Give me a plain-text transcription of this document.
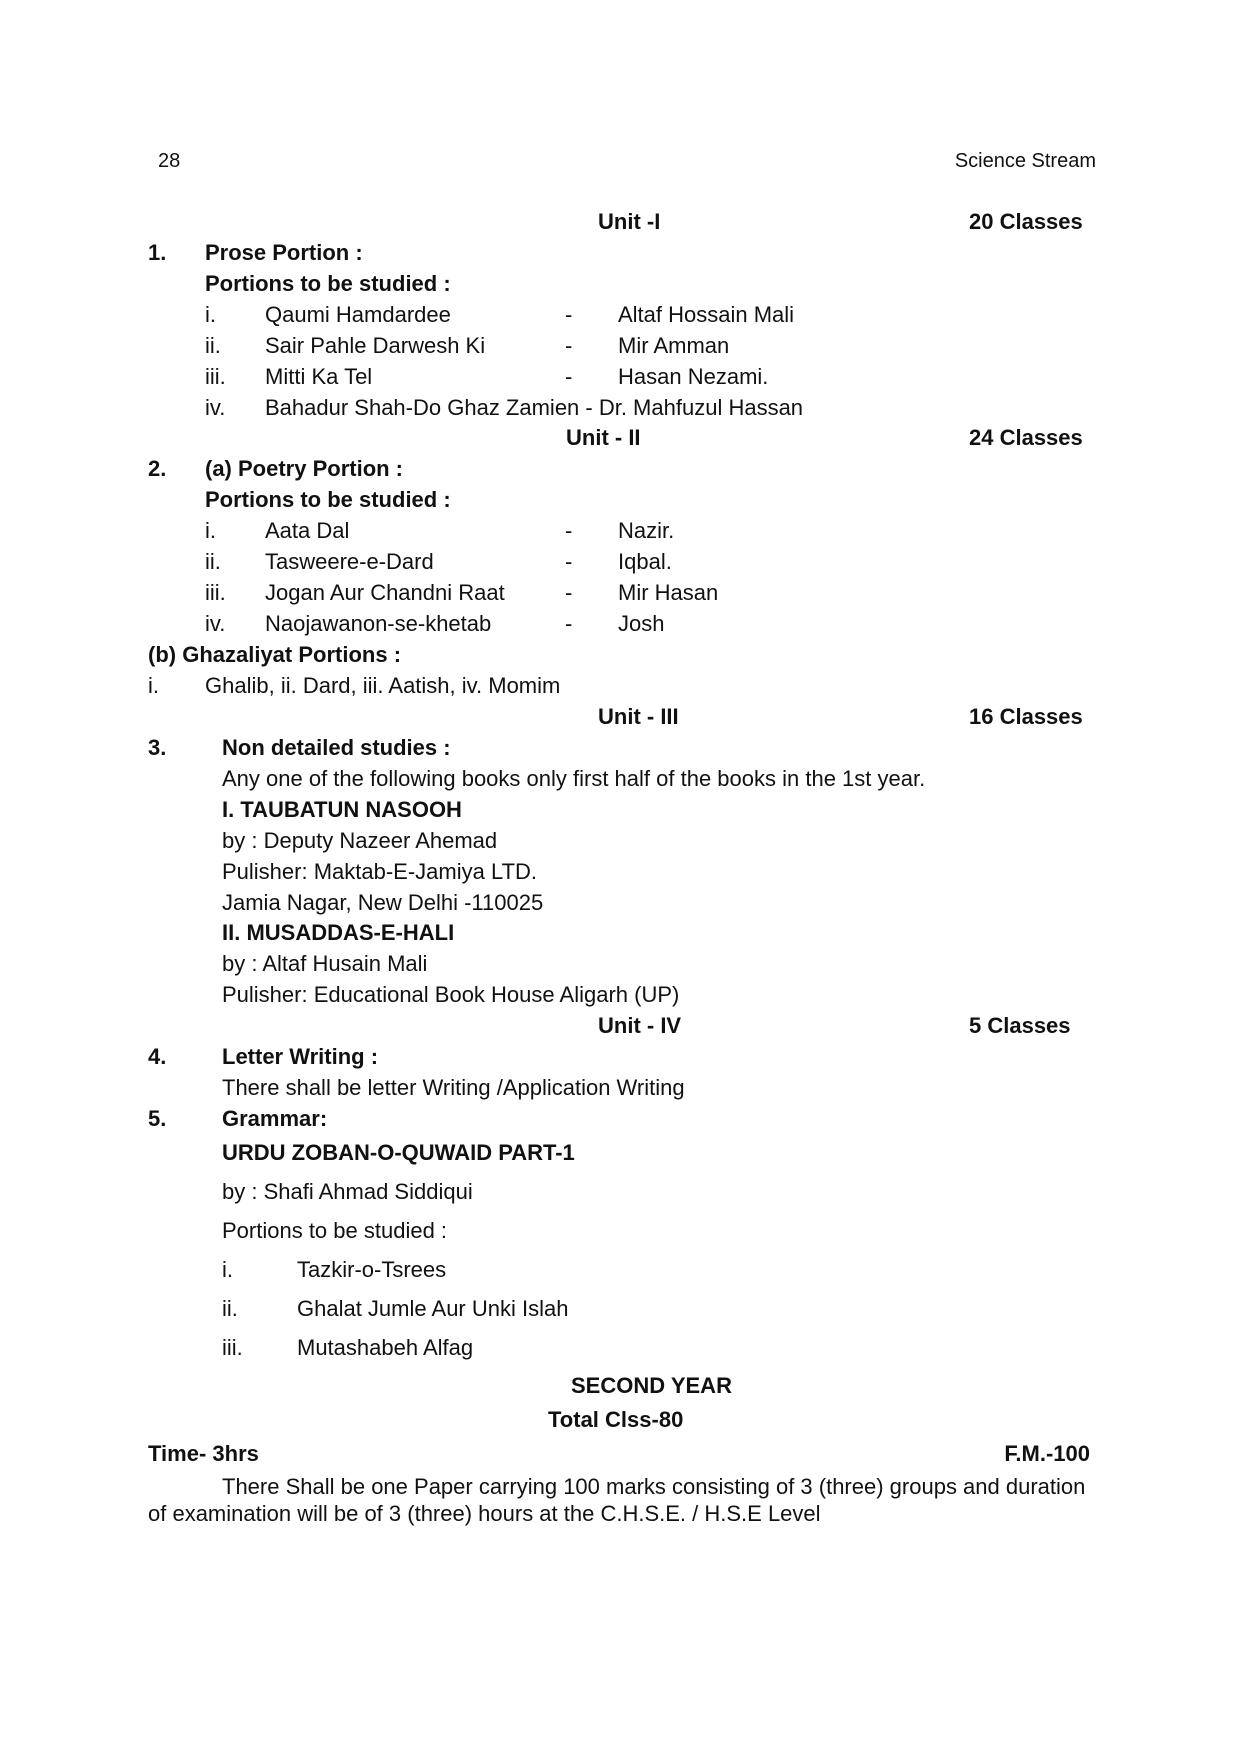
28	Science Stream
Unit -I	20 Classes
1. Prose Portion :
Portions to be studied :
i. Qaumi Hamdardee	- Altaf Hossain Mali
ii. Sair Pahle Darwesh Ki	- Mir Amman
iii. Mitti Ka Tel	- Hasan Nezami.
iv. Bahadur Shah-Do Ghaz Zamien - Dr. Mahfuzul Hassan
Unit - II	24 Classes
2. (a) Poetry Portion :
Portions to be studied :
i. Aata Dal	- Nazir.
ii. Tasweere-e-Dard	- Iqbal.
iii. Jogan Aur Chandni Raat	- Mir Hasan
iv. Naojawanon-se-khetab	- Josh
(b) Ghazaliyat Portions :
i. Ghalib, ii. Dard, iii. Aatish, iv. Momim
Unit - III	16 Classes
3.	Non detailed studies :
Any one of the following books only first half of the books in the 1st year.
I. TAUBATUN NASOOH
by : Deputy Nazeer Ahemad
Pulisher: Maktab-E-Jamiya LTD.
Jamia Nagar, New Delhi -110025
II. MUSADDAS-E-HALI
by : Altaf Husain Mali
Pulisher: Educational Book House Aligarh (UP)
Unit - IV	5 Classes
4.	Letter Writing :
There shall be letter Writing /Application Writing
5.	Grammar:
URDU ZOBAN-O-QUWAID PART-1
by : Shafi Ahmad Siddiqui
Portions to be studied :
i.	Tazkir-o-Tsrees
ii.	Ghalat Jumle Aur Unki Islah
iii. Mutashabeh Alfag
SECOND YEAR
Total Clss-80
Time- 3hrs	F.M.-100
There Shall be one Paper carrying 100 marks consisting of 3 (three) groups and duration
of examination will be of 3 (three) hours at the C.H.S.E. / H.S.E Level
